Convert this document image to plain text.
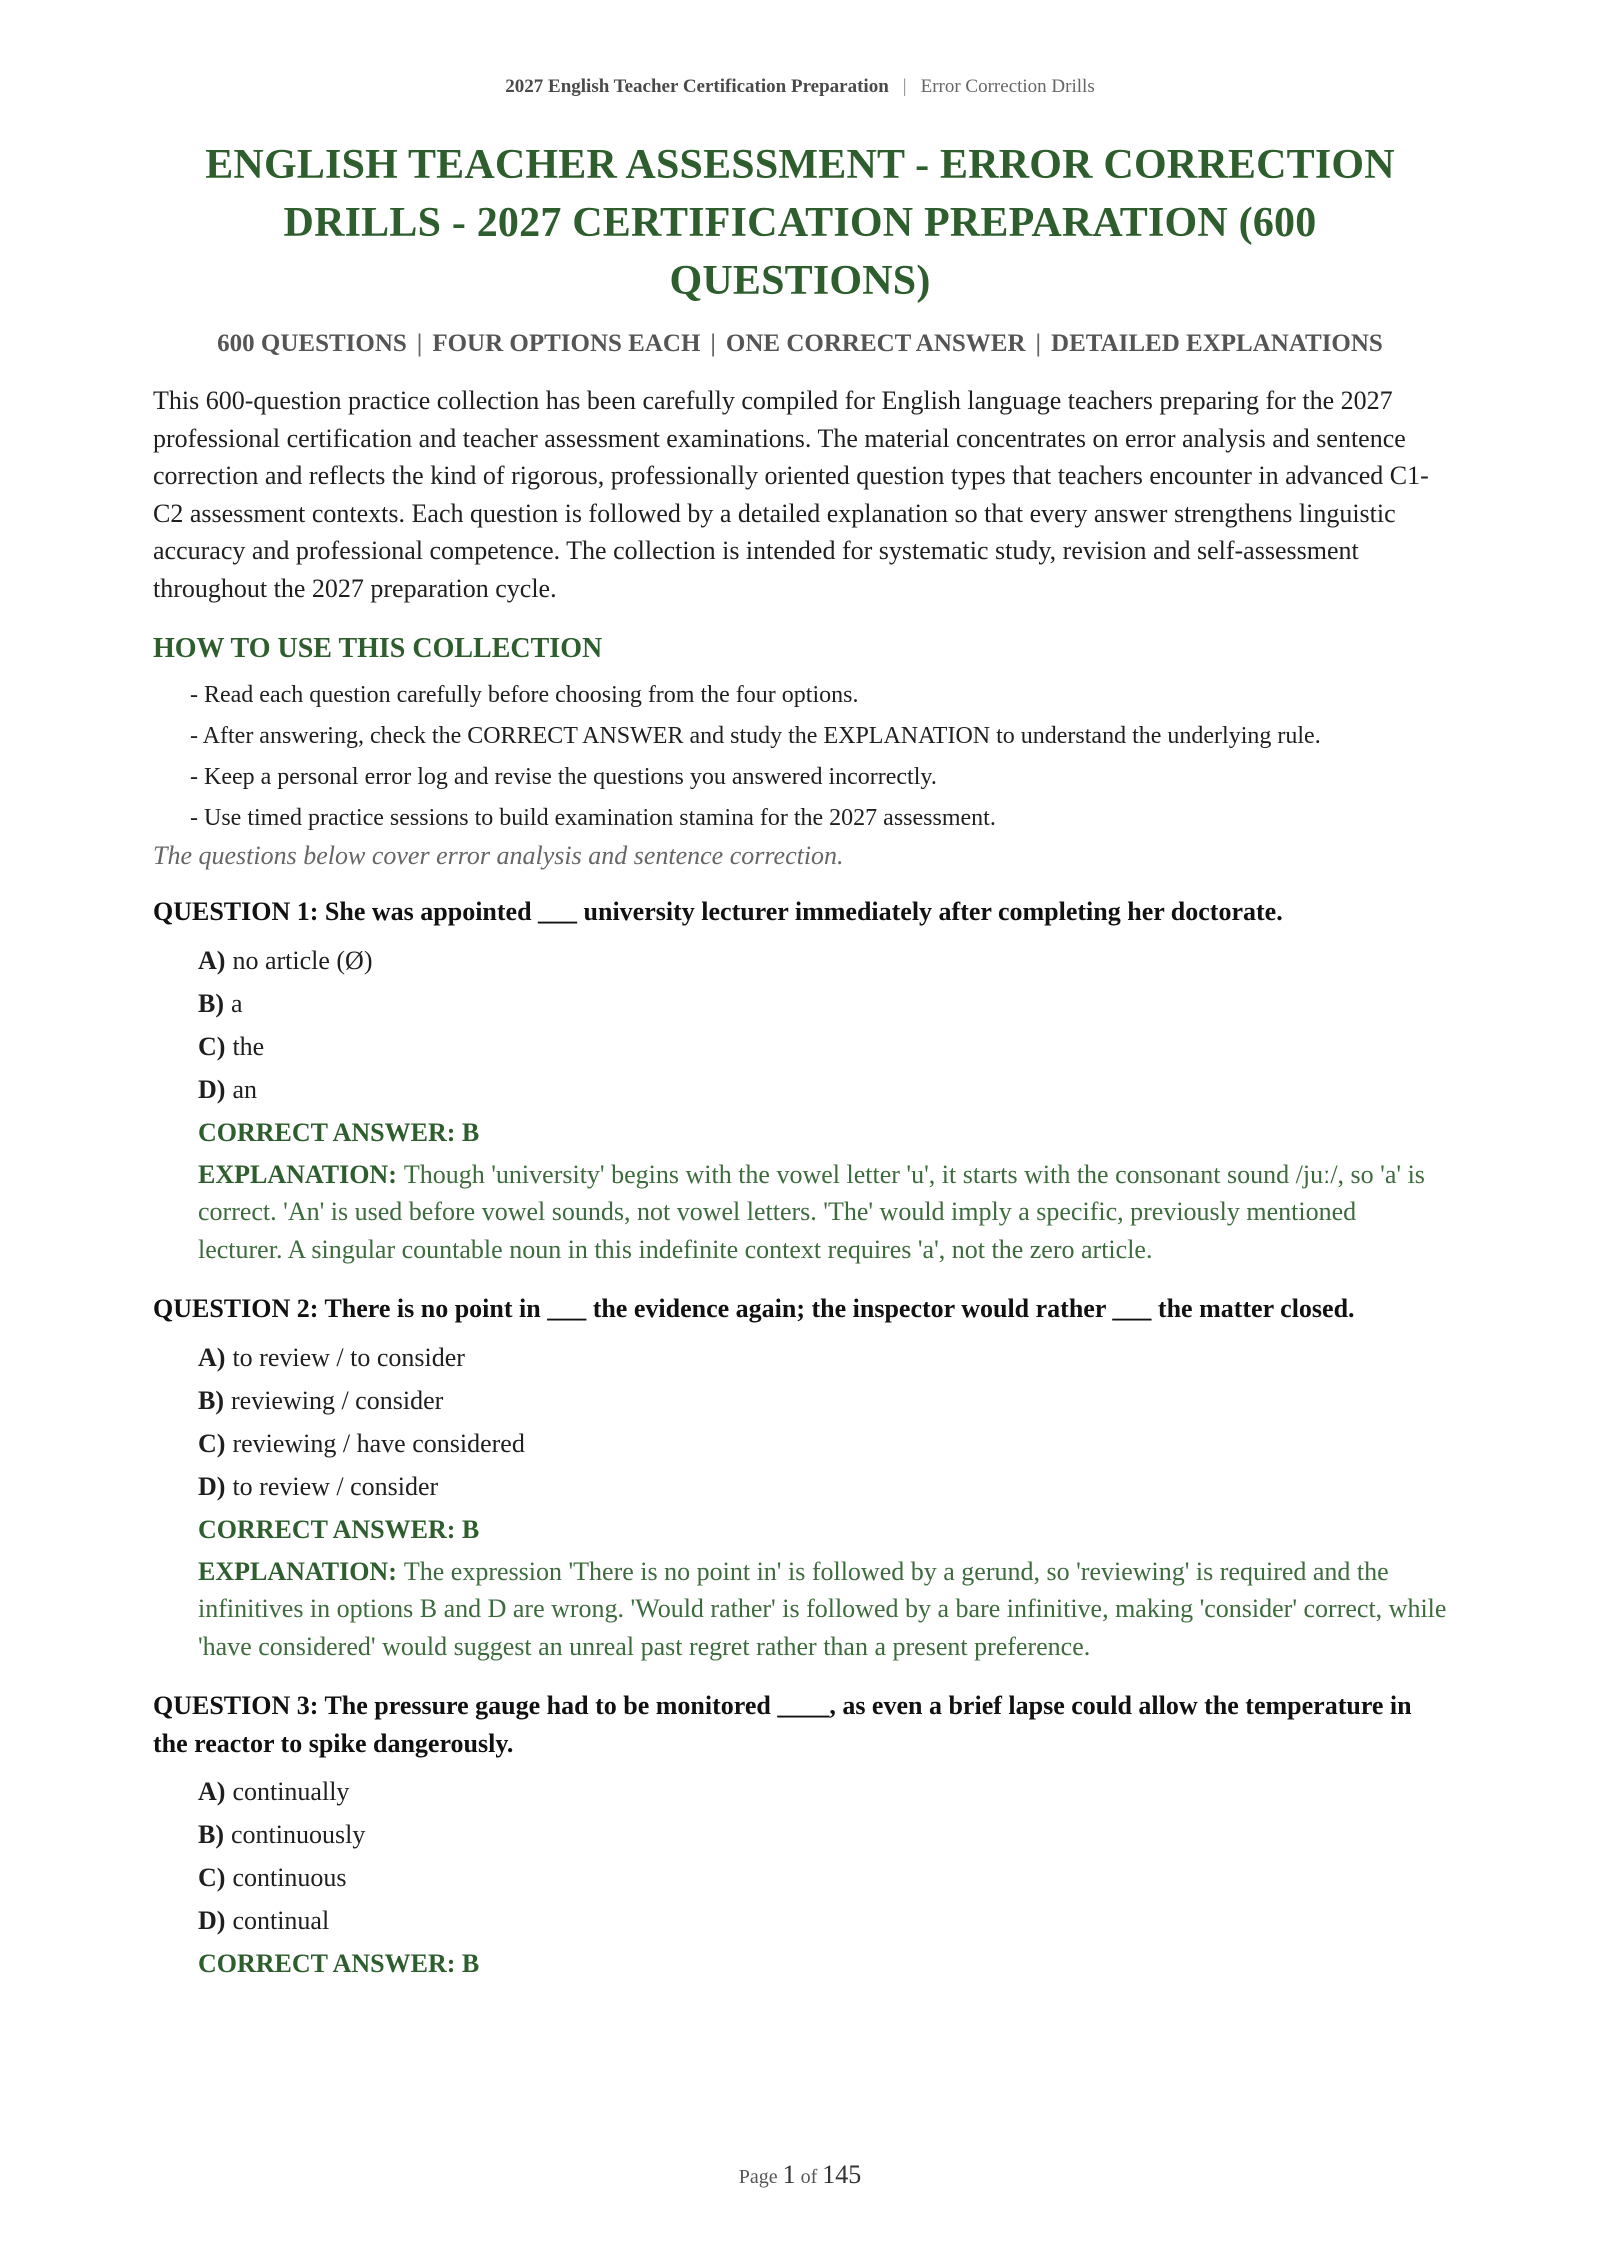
2027 English Teacher Certification Preparation | Error Correction Drills
ENGLISH TEACHER ASSESSMENT - ERROR CORRECTION DRILLS - 2027 CERTIFICATION PREPARATION (600 QUESTIONS)
600 QUESTIONS | FOUR OPTIONS EACH | ONE CORRECT ANSWER | DETAILED EXPLANATIONS

This 600-question practice collection has been carefully compiled for English language teachers preparing for the 2027 professional certification and teacher assessment examinations. The material concentrates on error analysis and sentence correction and reflects the kind of rigorous, professionally oriented question types that teachers encounter in advanced C1-C2 assessment contexts. Each question is followed by a detailed explanation so that every answer strengthens linguistic accuracy and professional competence. The collection is intended for systematic study, revision and self-assessment throughout the 2027 preparation cycle.

HOW TO USE THIS COLLECTION
- Read each question carefully before choosing from the four options.
- After answering, check the CORRECT ANSWER and study the EXPLANATION to understand the underlying rule.
- Keep a personal error log and revise the questions you answered incorrectly.
- Use timed practice sessions to build examination stamina for the 2027 assessment.
The questions below cover error analysis and sentence correction.
QUESTION 1: She was appointed ___ university lecturer immediately after completing her doctorate.
A) no article (Ø)
B) a
C) the
D) an
CORRECT ANSWER: B
EXPLANATION: Though 'university' begins with the vowel letter 'u', it starts with the consonant sound /juː/, so 'a' is correct. 'An' is used before vowel sounds, not vowel letters. 'The' would imply a specific, previously mentioned lecturer. A singular countable noun in this indefinite context requires 'a', not the zero article.
QUESTION 2: There is no point in ___ the evidence again; the inspector would rather ___ the matter closed.
A) to review / to consider
B) reviewing / consider
C) reviewing / have considered
D) to review / consider
CORRECT ANSWER: B
EXPLANATION: The expression 'There is no point in' is followed by a gerund, so 'reviewing' is required and the infinitives in options B and D are wrong. 'Would rather' is followed by a bare infinitive, making 'consider' correct, while 'have considered' would suggest an unreal past regret rather than a present preference.
QUESTION 3: The pressure gauge had to be monitored ____, as even a brief lapse could allow the temperature in the reactor to spike dangerously.
A) continually
B) continuously
C) continuous
D) continual
CORRECT ANSWER: B
Page 1 of 145
